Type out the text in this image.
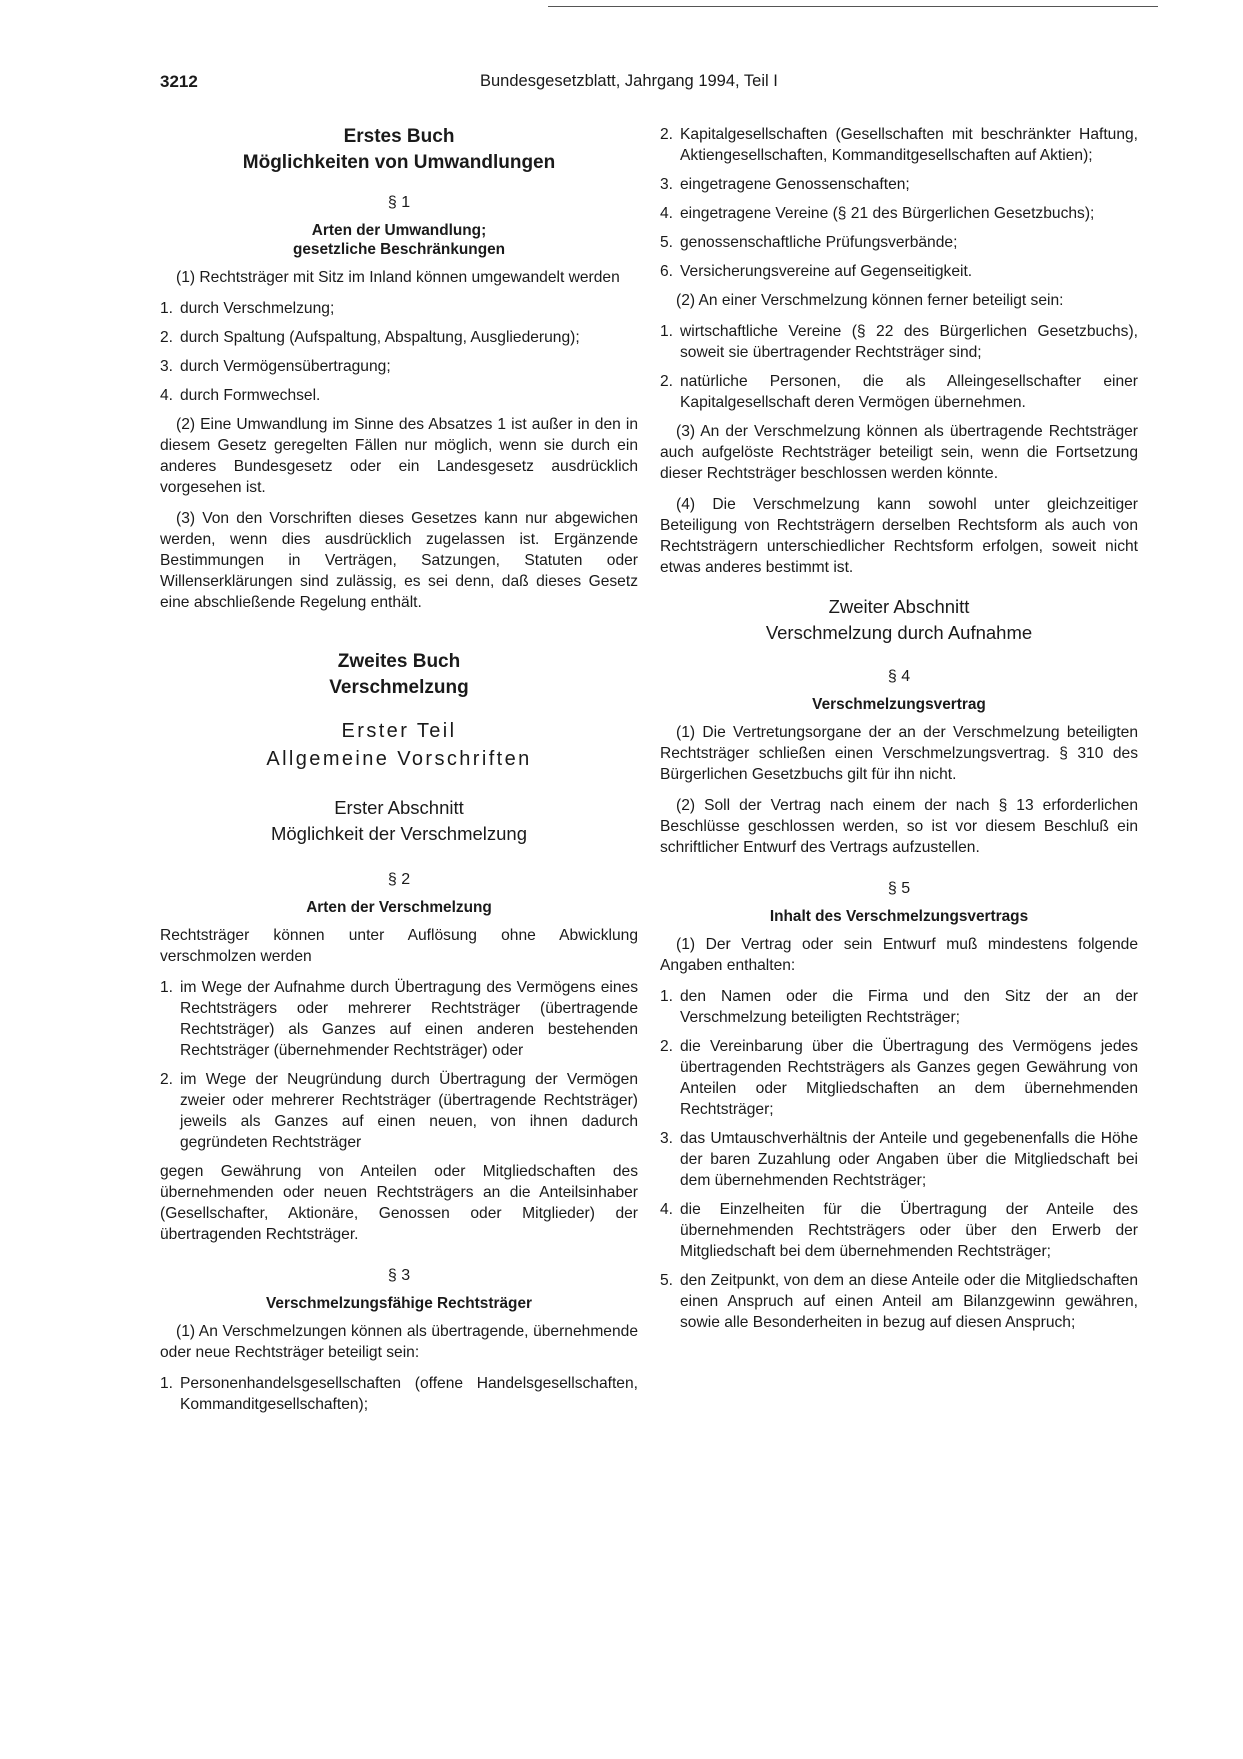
3212	Bundesgesetzblatt, Jahrgang 1994, Teil I
Erstes Buch
Möglichkeiten von Umwandlungen
§ 1
Arten der Umwandlung;
gesetzliche Beschränkungen

(1) Rechtsträger mit Sitz im Inland können umgewandelt werden

1. durch Verschmelzung;
2. durch Spaltung (Aufspaltung, Abspaltung, Ausgliederung);
3. durch Vermögensübertragung;
4. durch Formwechsel.

(2) Eine Umwandlung im Sinne des Absatzes 1 ist außer in den in diesem Gesetz geregelten Fällen nur möglich, wenn sie durch ein anderes Bundesgesetz oder ein Landesgesetz ausdrücklich vorgesehen ist.

(3) Von den Vorschriften dieses Gesetzes kann nur abgewichen werden, wenn dies ausdrücklich zugelassen ist. Ergänzende Bestimmungen in Verträgen, Satzungen, Statuten oder Willenserklärungen sind zulässig, es sei denn, daß dieses Gesetz eine abschließende Regelung enthält.

Zweites Buch
Verschmelzung
Erster Teil
Allgemeine Vorschriften
Erster Abschnitt
Möglichkeit der Verschmelzung
§ 2
Arten der Verschmelzung

Rechtsträger können unter Auflösung ohne Abwicklung verschmolzen werden

1. im Wege der Aufnahme durch Übertragung des Vermögens eines Rechtsträgers oder mehrerer Rechtsträger (übertragende Rechtsträger) als Ganzes auf einen anderen bestehenden Rechtsträger (übernehmender Rechtsträger) oder
2. im Wege der Neugründung durch Übertragung der Vermögen zweier oder mehrerer Rechtsträger (übertragende Rechtsträger) jeweils als Ganzes auf einen neuen, von ihnen dadurch gegründeten Rechtsträger

gegen Gewährung von Anteilen oder Mitgliedschaften des übernehmenden oder neuen Rechtsträgers an die Anteilsinhaber (Gesellschafter, Aktionäre, Genossen oder Mitglieder) der übertragenden Rechtsträger.

§ 3
Verschmelzungsfähige Rechtsträger

(1) An Verschmelzungen können als übertragende, übernehmende oder neue Rechtsträger beteiligt sein:

1. Personenhandelsgesellschaften (offene Handelsgesellschaften, Kommanditgesellschaften);
2. Kapitalgesellschaften (Gesellschaften mit beschränkter Haftung, Aktiengesellschaften, Kommanditgesellschaften auf Aktien);
3. eingetragene Genossenschaften;
4. eingetragene Vereine (§ 21 des Bürgerlichen Gesetzbuchs);
5. genossenschaftliche Prüfungsverbände;
6. Versicherungsvereine auf Gegenseitigkeit.

(2) An einer Verschmelzung können ferner beteiligt sein:

1. wirtschaftliche Vereine (§ 22 des Bürgerlichen Gesetzbuchs), soweit sie übertragender Rechtsträger sind;
2. natürliche Personen, die als Alleingesellschafter einer Kapitalgesellschaft deren Vermögen übernehmen.

(3) An der Verschmelzung können als übertragende Rechtsträger auch aufgelöste Rechtsträger beteiligt sein, wenn die Fortsetzung dieser Rechtsträger beschlossen werden könnte.

(4) Die Verschmelzung kann sowohl unter gleichzeitiger Beteiligung von Rechtsträgern derselben Rechtsform als auch von Rechtsträgern unterschiedlicher Rechtsform erfolgen, soweit nicht etwas anderes bestimmt ist.

Zweiter Abschnitt
Verschmelzung durch Aufnahme
§ 4
Verschmelzungsvertrag

(1) Die Vertretungsorgane der an der Verschmelzung beteiligten Rechtsträger schließen einen Verschmelzungsvertrag. § 310 des Bürgerlichen Gesetzbuchs gilt für ihn nicht.

(2) Soll der Vertrag nach einem der nach § 13 erforderlichen Beschlüsse geschlossen werden, so ist vor diesem Beschluß ein schriftlicher Entwurf des Vertrags aufzustellen.

§ 5
Inhalt des Verschmelzungsvertrags

(1) Der Vertrag oder sein Entwurf muß mindestens folgende Angaben enthalten:

1. den Namen oder die Firma und den Sitz der an der Verschmelzung beteiligten Rechtsträger;
2. die Vereinbarung über die Übertragung des Vermögens jedes übertragenden Rechtsträgers als Ganzes gegen Gewährung von Anteilen oder Mitgliedschaften an dem übernehmenden Rechtsträger;
3. das Umtauschverhältnis der Anteile und gegebenenfalls die Höhe der baren Zuzahlung oder Angaben über die Mitgliedschaft bei dem übernehmenden Rechtsträger;
4. die Einzelheiten für die Übertragung der Anteile des übernehmenden Rechtsträgers oder über den Erwerb der Mitgliedschaft bei dem übernehmenden Rechtsträger;
5. den Zeitpunkt, von dem an diese Anteile oder die Mitgliedschaften einen Anspruch auf einen Anteil am Bilanzgewinn gewähren, sowie alle Besonderheiten in bezug auf diesen Anspruch;
